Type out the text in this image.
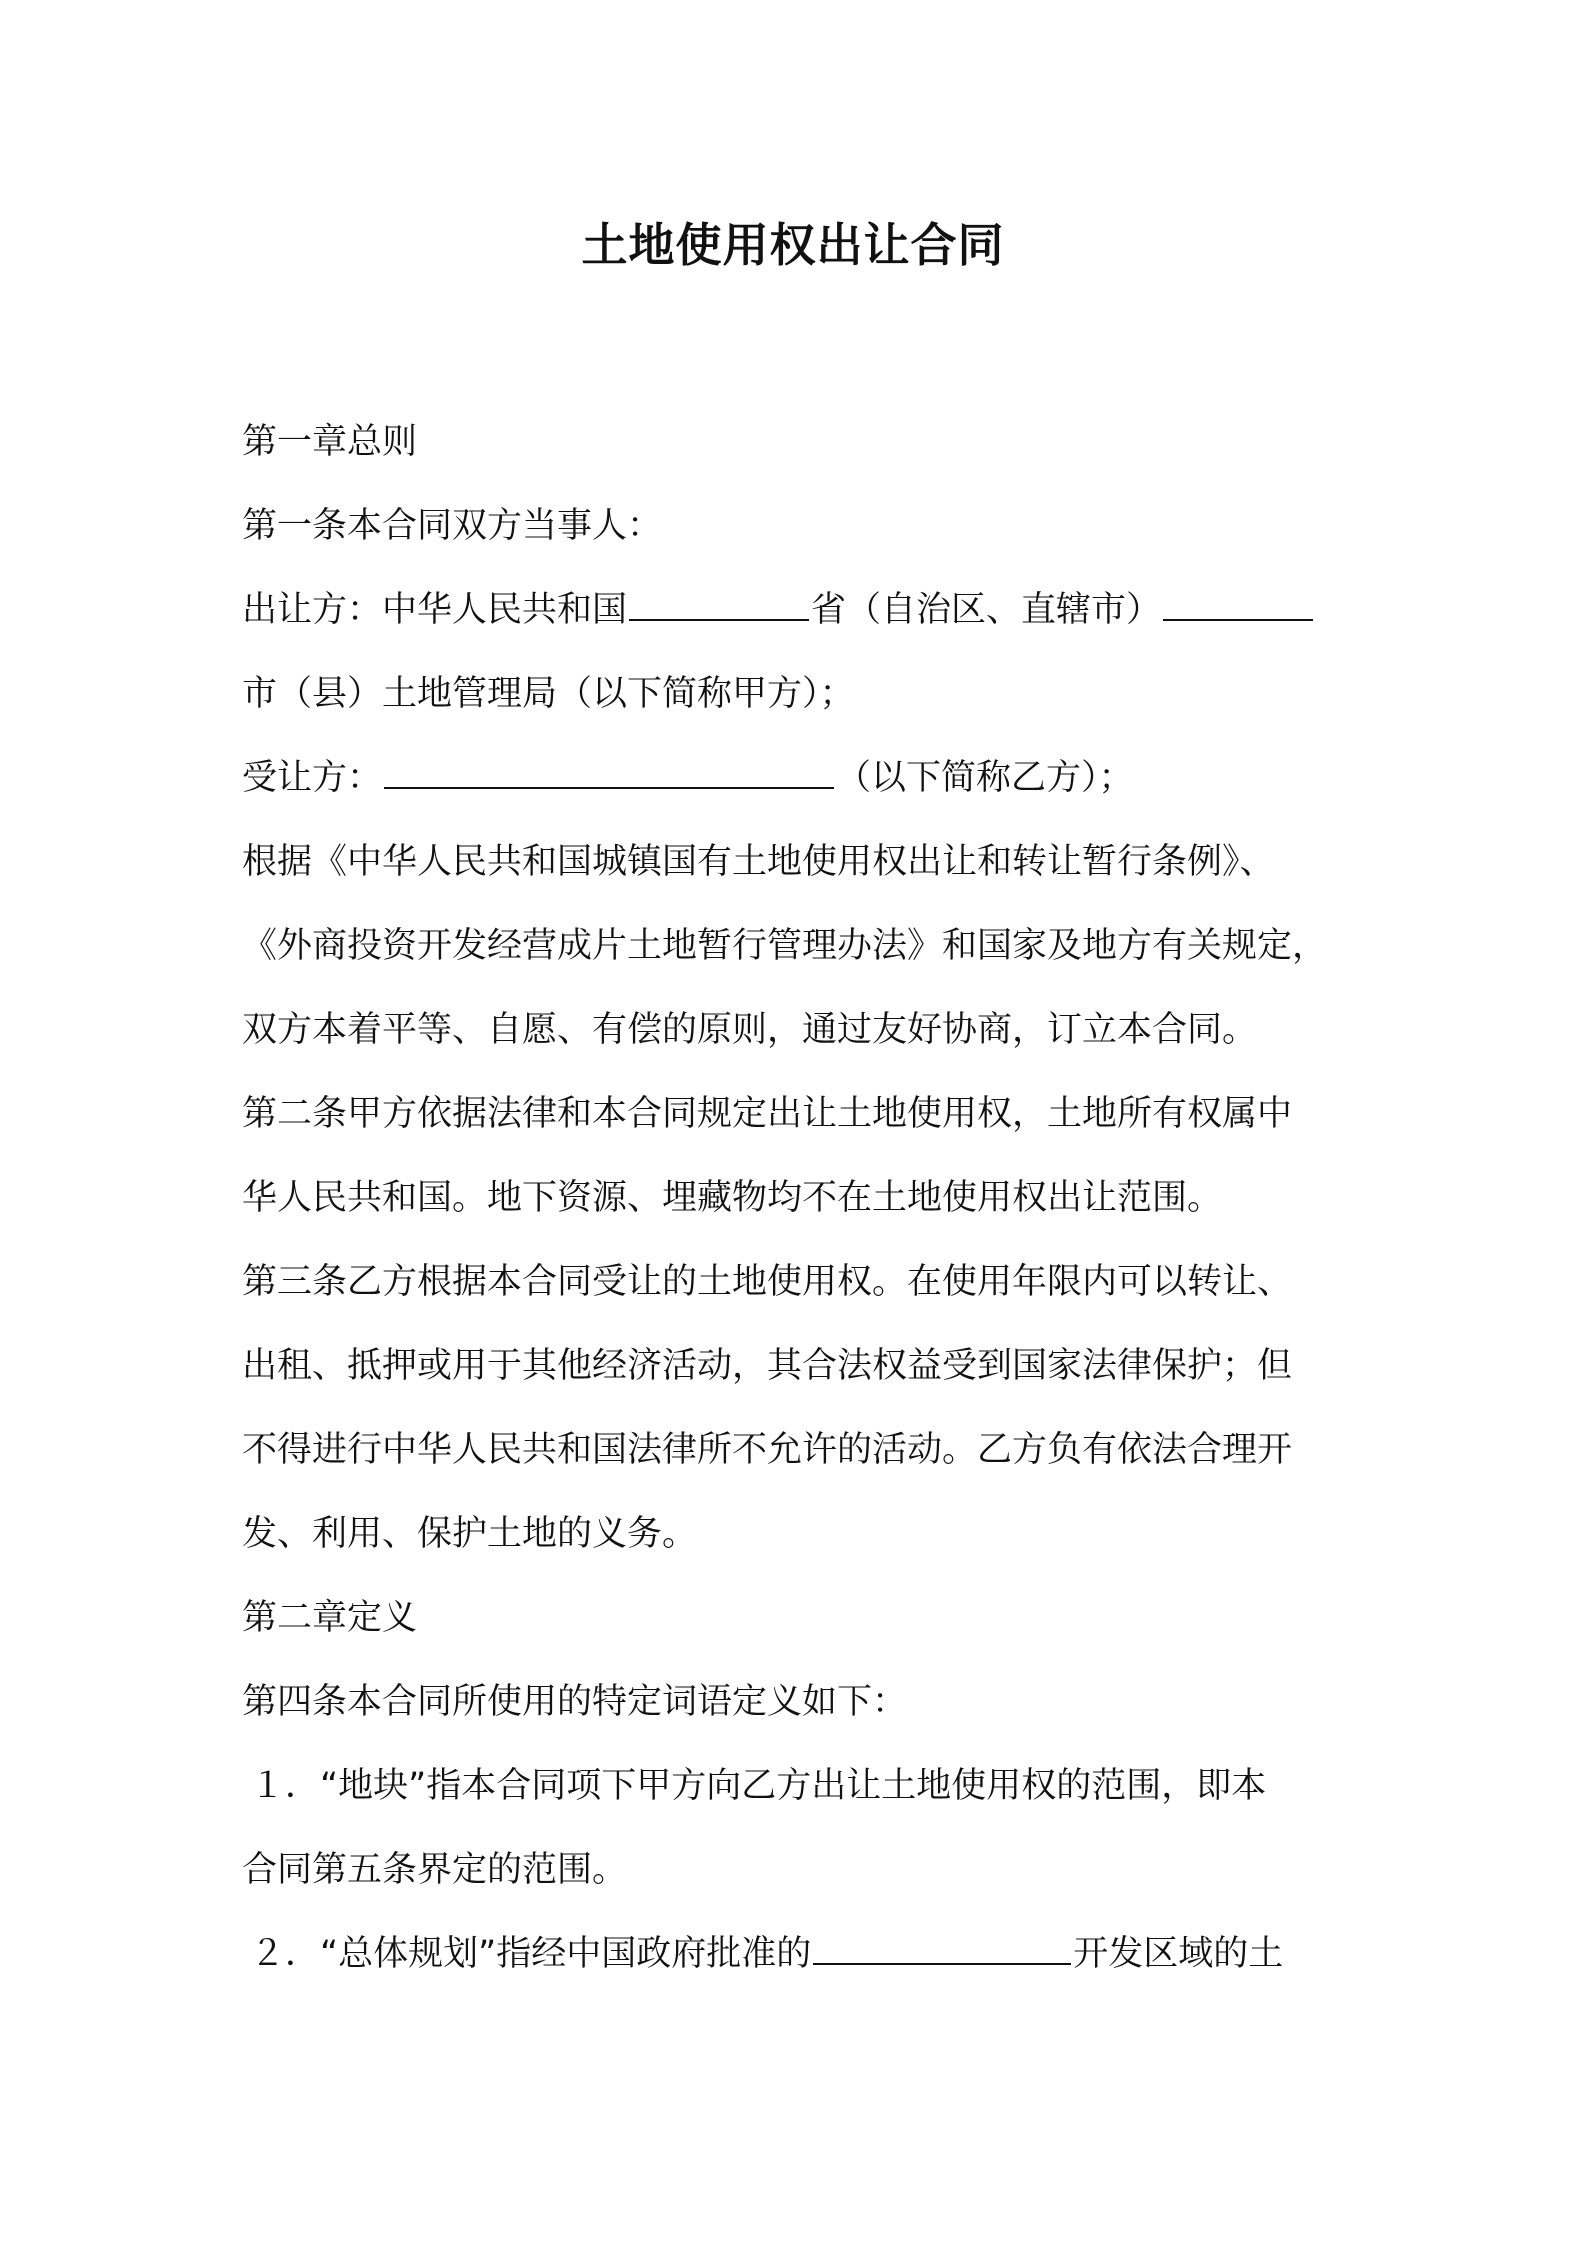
土地使用权出让合同
第一章总则
第一条本合同双方当事人：
出让方：中华人民共和国	省（自治区、直辖市）
市（县）土地管理局（以下简称甲方）；
受让方：	（以下简称乙方）；
根据《中华人民共和国城镇国有土地使用权出让和转让暂行条例》、
《外商投资开发经营成片土地暂行管理办法》和国家及地方有关规定，
双方本着平等、自愿、有偿的原则，通过友好协商，订立本合同。
第二条甲方依据法律和本合同规定出让土地使用权，土地所有权属中
华人民共和国。地下资源、埋藏物均不在土地使用权出让范围。
第三条乙方根据本合同受让的土地使用权。在使用年限内可以转让、
出租、抵押或用于其他经济活动，其合法权益受到国家法律保护；但
不得进行中华人民共和国法律所不允许的活动。乙方负有依法合理开
发、利用、保护土地的义务。
第二章定义
第四条本合同所使用的特定词语定义如下：
１．“地块”指本合同项下甲方向乙方出让土地使用权的范围，即本
合同第五条界定的范围。
２．“总体规划”指经中国政府批准的	开发区域的土
